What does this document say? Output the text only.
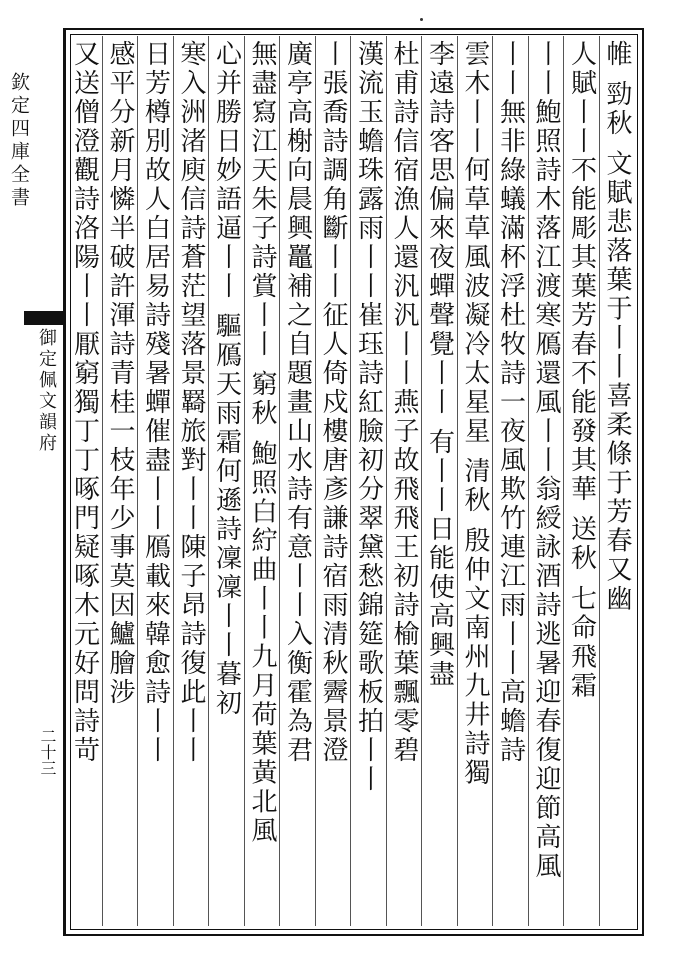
欽定四庫全書
御定佩文韻府
二十三
帷 勁秋 文賦悲落葉于丨丨喜柔條于芳春又幽
人賦丨丨不能彫其葉芳春不能發其華 送秋 七命飛霜
丨丨鮑照詩木落江渡寒鴈還風丨丨翁綬詠酒詩逃暑迎春復迎節高風
丨丨無非綠蟻滿杯浮杜牧詩一夜風欺竹連江雨丨丨高蟾詩
雲木丨丨何草草風波凝冷太星星 清秋 殷仲文南州九井詩獨
李遠詩客思偏來夜蟬聲覺丨丨 有丨丨日能使高興盡
杜甫詩信宿漁人還汎汎丨丨燕子故飛飛王初詩榆葉飄零碧
漢流玉蟾珠露雨丨丨崔珏詩紅臉初分翠黛愁錦筵歌板拍丨丨
丨張喬詩調角斷丨丨征人倚戍樓唐彥謙詩宿雨清秋霽景澄
廣亭高榭向晨興鼉補之自題畫山水詩有意丨丨入衡霍為君
無盡寫江天朱子詩賞丨丨 窮秋 鮑照白紵曲丨丨九月荷葉黃北風
心并勝日妙語逼丨丨 驅鴈天雨霜何遜詩凜凜丨丨暮初
寒入洲渚庾信詩蒼茫望落景羇旅對丨丨陳子昂詩復此丨丨
日芳樽別故人白居易詩殘暑蟬催盡丨丨鴈載來韓愈詩丨丨
感平分新月憐半破許渾詩青桂一枝年少事莫因鱸膾涉
又送僧澄觀詩洛陽丨丨厭窮獨丁丁啄門疑啄木元好問詩苛
